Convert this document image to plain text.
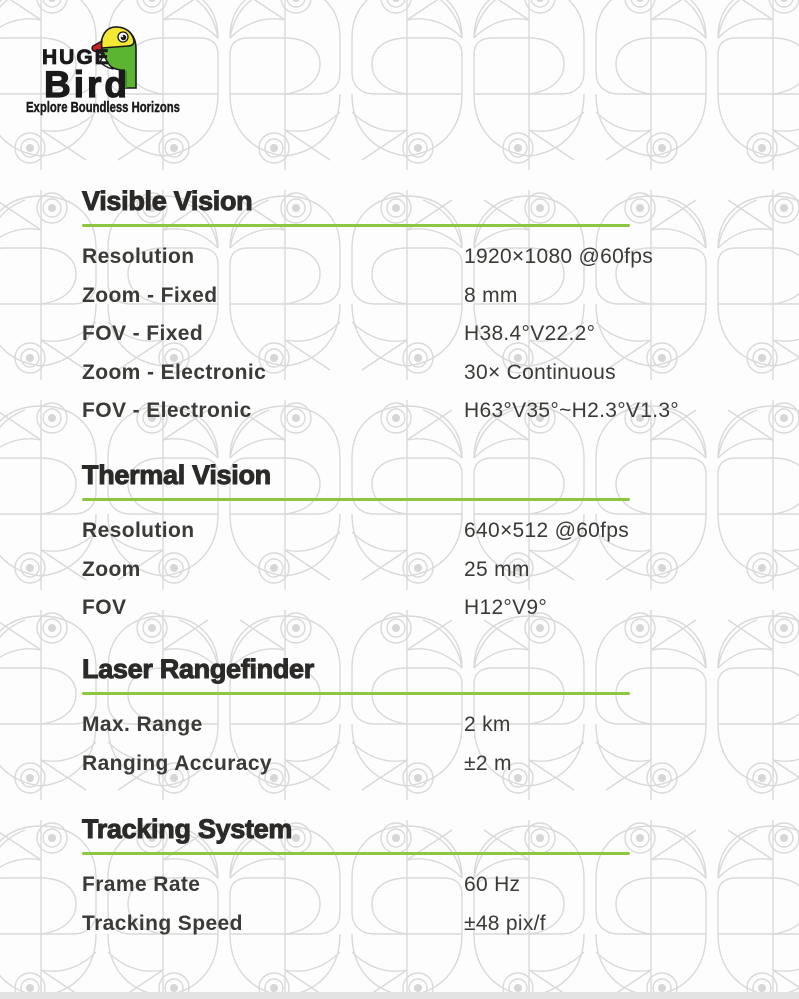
HUGE
Bird
Explore Boundless Horizons
Visible Vision
Resolution	1920×1080 @60fps
Zoom - Fixed	8 mm
FOV - Fixed	H38.4°V22.2°
Zoom - Electronic	30× Continuous
FOV - Electronic	H63°V35°~H2.3°V1.3°
Thermal Vision
Resolution	640×512 @60fps
Zoom	25 mm
FOV	H12°V9°
Laser Rangefinder
Max. Range	2 km
Ranging Accuracy	±2 m
Tracking System
Frame Rate	60 Hz
Tracking Speed	±48 pix/f
